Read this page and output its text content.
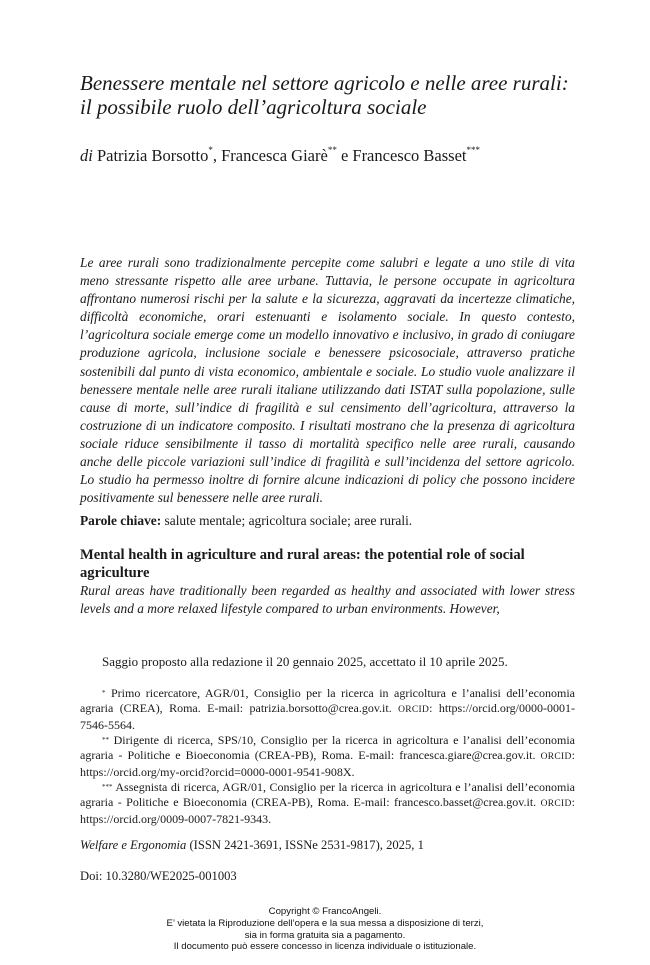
Benessere mentale nel settore agricolo e nelle aree rurali:
il possibile ruolo dell’agricoltura sociale
di Patrizia Borsotto*, Francesca Giarè** e Francesco Basset***
Le aree rurali sono tradizionalmente percepite come salubri e legate a uno stile di vita meno stressante rispetto alle aree urbane. Tuttavia, le persone occupate in agricoltura affrontano numerosi rischi per la salute e la sicurezza, aggravati da incertezze climatiche, difficoltà economiche, orari estenuanti e isolamento sociale. In questo contesto, l’agricoltura sociale emerge come un modello innovativo e inclusivo, in grado di coniugare produzione agricola, inclusione sociale e benessere psicosociale, attraverso pratiche sostenibili dal punto di vista economico, ambientale e sociale. Lo studio vuole analizzare il benessere mentale nelle aree rurali italiane utilizzando dati ISTAT sulla popolazione, sulle cause di morte, sull’indice di fragilità e sul censimento dell’agricoltura, attraverso la costruzione di un indicatore composito. I risultati mostrano che la presenza di agricoltura sociale riduce sensibilmente il tasso di mortalità specifico nelle aree rurali, causando anche delle piccole variazioni sull’indice di fragilità e sull’incidenza del settore agricolo. Lo studio ha permesso inoltre di fornire alcune indicazioni di policy che possono incidere positivamente sul benessere nelle aree rurali.
Parole chiave: salute mentale; agricoltura sociale; aree rurali.
Mental health in agriculture and rural areas: the potential role of social agriculture
Rural areas have traditionally been regarded as healthy and associated with lower stress levels and a more relaxed lifestyle compared to urban environments. However,
Saggio proposto alla redazione il 20 gennaio 2025, accettato il 10 aprile 2025.
* Primo ricercatore, AGR/01, Consiglio per la ricerca in agricoltura e l’analisi dell’economia agraria (CREA), Roma. E-mail: patrizia.borsotto@crea.gov.it. ORCID: https://orcid.org/0000-0001-7546-5564.
** Dirigente di ricerca, SPS/10, Consiglio per la ricerca in agricoltura e l’analisi dell’economia agraria - Politiche e Bioeconomia (CREA-PB), Roma. E-mail: francesca.giare@crea.gov.it. ORCID: https://orcid.org/my-orcid?orcid=0000-0001-9541-908X.
*** Assegnista di ricerca, AGR/01, Consiglio per la ricerca in agricoltura e l’analisi dell’economia agraria - Politiche e Bioeconomia (CREA-PB), Roma. E-mail: francesco.basset@crea.gov.it. ORCID: https://orcid.org/0009-0007-7821-9343.
Welfare e Ergonomia (ISSN 2421-3691, ISSNe 2531-9817), 2025, 1
Doi: 10.3280/WE2025-001003
Copyright © FrancoAngeli.
E’ vietata la Riproduzione dell’opera e la sua messa a disposizione di terzi,
sia in forma gratuita sia a pagamento.
Il documento può essere concesso in licenza individuale o istituzionale.
